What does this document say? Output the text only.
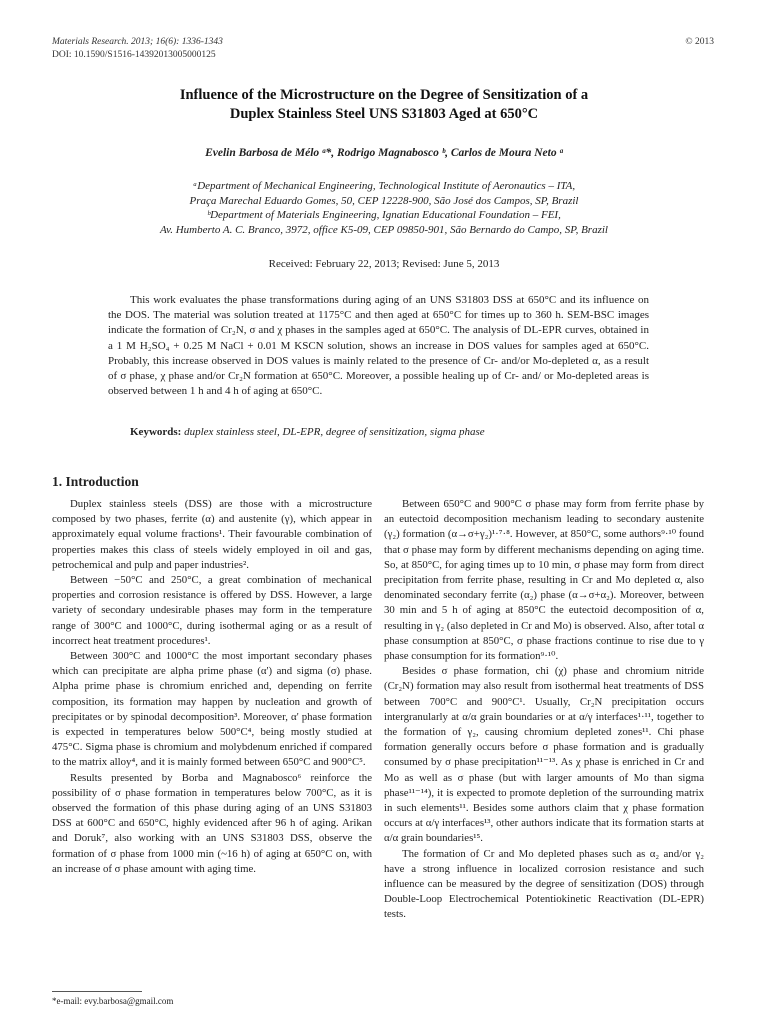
Materials Research. 2013; 16(6): 1336-1343
DOI: 10.1590/S1516-14392013005000125
© 2013
Influence of the Microstructure on the Degree of Sensitization of a
Duplex Stainless Steel UNS S31803 Aged at 650°C
Evelin Barbosa de Mélo ᵃ*, Rodrigo Magnabosco ᵇ, Carlos de Moura Neto ᵃ
ᵃDepartment of Mechanical Engineering, Technological Institute of Aeronautics – ITA,
Praça Marechal Eduardo Gomes, 50, CEP 12228-900, São José dos Campos, SP, Brazil
ᵇDepartment of Materials Engineering, Ignatian Educational Foundation – FEI,
Av. Humberto A. C. Branco, 3972, office K5-09, CEP 09850-901, São Bernardo do Campo, SP, Brazil
Received: February 22, 2013; Revised: June 5, 2013

This work evaluates the phase transformations during aging of an UNS S31803 DSS at 650°C and its influence on the DOS. The material was solution treated at 1175°C and then aged at 650°C for times up to 360 h. SEM-BSC images indicate the formation of Cr₂N, σ and χ phases in the samples aged at 650°C. The analysis of DL-EPR curves, obtained in a 1 M H₂SO₄ + 0.25 M NaCl + 0.01 M KSCN solution, shows an increase in DOS values for samples aged at 650°C. Probably, this increase observed in DOS values is mainly related to the presence of Cr- and/or Mo-depleted α, as a result of σ phase, χ phase and/or Cr₂N formation at 650°C. Moreover, a possible healing up of Cr- and/ or Mo-depleted areas is observed between 1 h and 4 h of aging at 650°C.

Keywords: duplex stainless steel, DL-EPR, degree of sensitization, sigma phase
1. Introduction

Duplex stainless steels (DSS) are those with a microstructure composed by two phases, ferrite (α) and austenite (γ), which appear in approximately equal volume fractions¹. Their favourable combination of properties makes this class of steels widely employed in oil and gas, petrochemical and pulp and paper industries².

Between −50°C and 250°C, a great combination of mechanical properties and corrosion resistance is offered by DSS. However, a large variety of secondary undesirable phases may form in the temperature range of 300°C and 1000°C, during isothermal aging or as a result of incorrect heat treatment procedures¹.

Between 300°C and 1000°C the most important secondary phases which can precipitate are alpha prime phase (α') and sigma (σ) phase. Alpha prime phase is chromium enriched and, depending on ferrite composition, its formation may happen by nucleation and growth of precipitates or by spinodal decomposition³. Moreover, α' phase formation is expected in temperatures below 500°C⁴, being mostly studied at 475°C. Sigma phase is chromium and molybdenum enriched if compared to the matrix alloy⁴, and it is mainly formed between 650°C and 900°C⁵.

Results presented by Borba and Magnabosco⁶ reinforce the possibility of σ phase formation in temperatures below 700°C, as it is observed the formation of this phase during aging of an UNS S31803 DSS at 600°C and 650°C, highly evidenced after 96 h of aging. Arikan and Doruk⁷, also working with an UNS S31803 DSS, observe the formation of σ phase from 1000 min (~16 h) of aging at 650°C on, with an increase of σ phase amount with aging time.

Between 650°C and 900°C σ phase may form from ferrite phase by an eutectoid decomposition mechanism leading to secondary austenite (γ₂) formation (α→σ+γ₂)¹·⁷·⁸. However, at 850°C, some authors⁹·¹⁰ found that σ phase may form by different mechanisms depending on aging time. So, at 850°C, for aging times up to 10 min, σ phase may form from direct precipitation from ferrite phase, resulting in Cr and Mo depleted α, also denominated secondary ferrite (α₂) phase (α→σ+α₂). Moreover, between 30 min and 5 h of aging at 850°C the eutectoid decomposition of α, resulting in γ₂ (also depleted in Cr and Mo) is observed. Also, after total α phase consumption at 850°C, σ phase fractions continue to rise due to γ phase consumption for its formation⁹·¹⁰.

Besides σ phase formation, chi (χ) phase and chromium nitride (Cr₂N) formation may also result from isothermal heat treatments of DSS between 700°C and 900°C¹. Usually, Cr₂N precipitation occurs intergranularly at α/α grain boundaries or at α/γ interfaces¹·¹¹, together to the formation of γ₂, causing chromium depleted zones¹¹. Chi phase formation generally occurs before σ phase formation and is gradually consumed by σ phase precipitation¹¹⁻¹³. As χ phase is enriched in Cr and Mo as well as σ phase (but with larger amounts of Mo than sigma phase¹¹⁻¹⁴), it is expected to promote depletion of the surrounding matrix in such elements¹¹. Besides some authors claim that χ phase formation occurs at α/γ interfaces¹³, other authors indicate that its formation starts at α/α grain boundaries¹⁵.

The formation of Cr and Mo depleted phases such as α₂ and/or γ₂ have a strong influence in localized corrosion resistance and such influence can be measured by the degree of sensitization (DOS) through Double-Loop Electrochemical Potentiokinetic Reactivation (DL-EPR) tests.

*e-mail: evy.barbosa@gmail.com
